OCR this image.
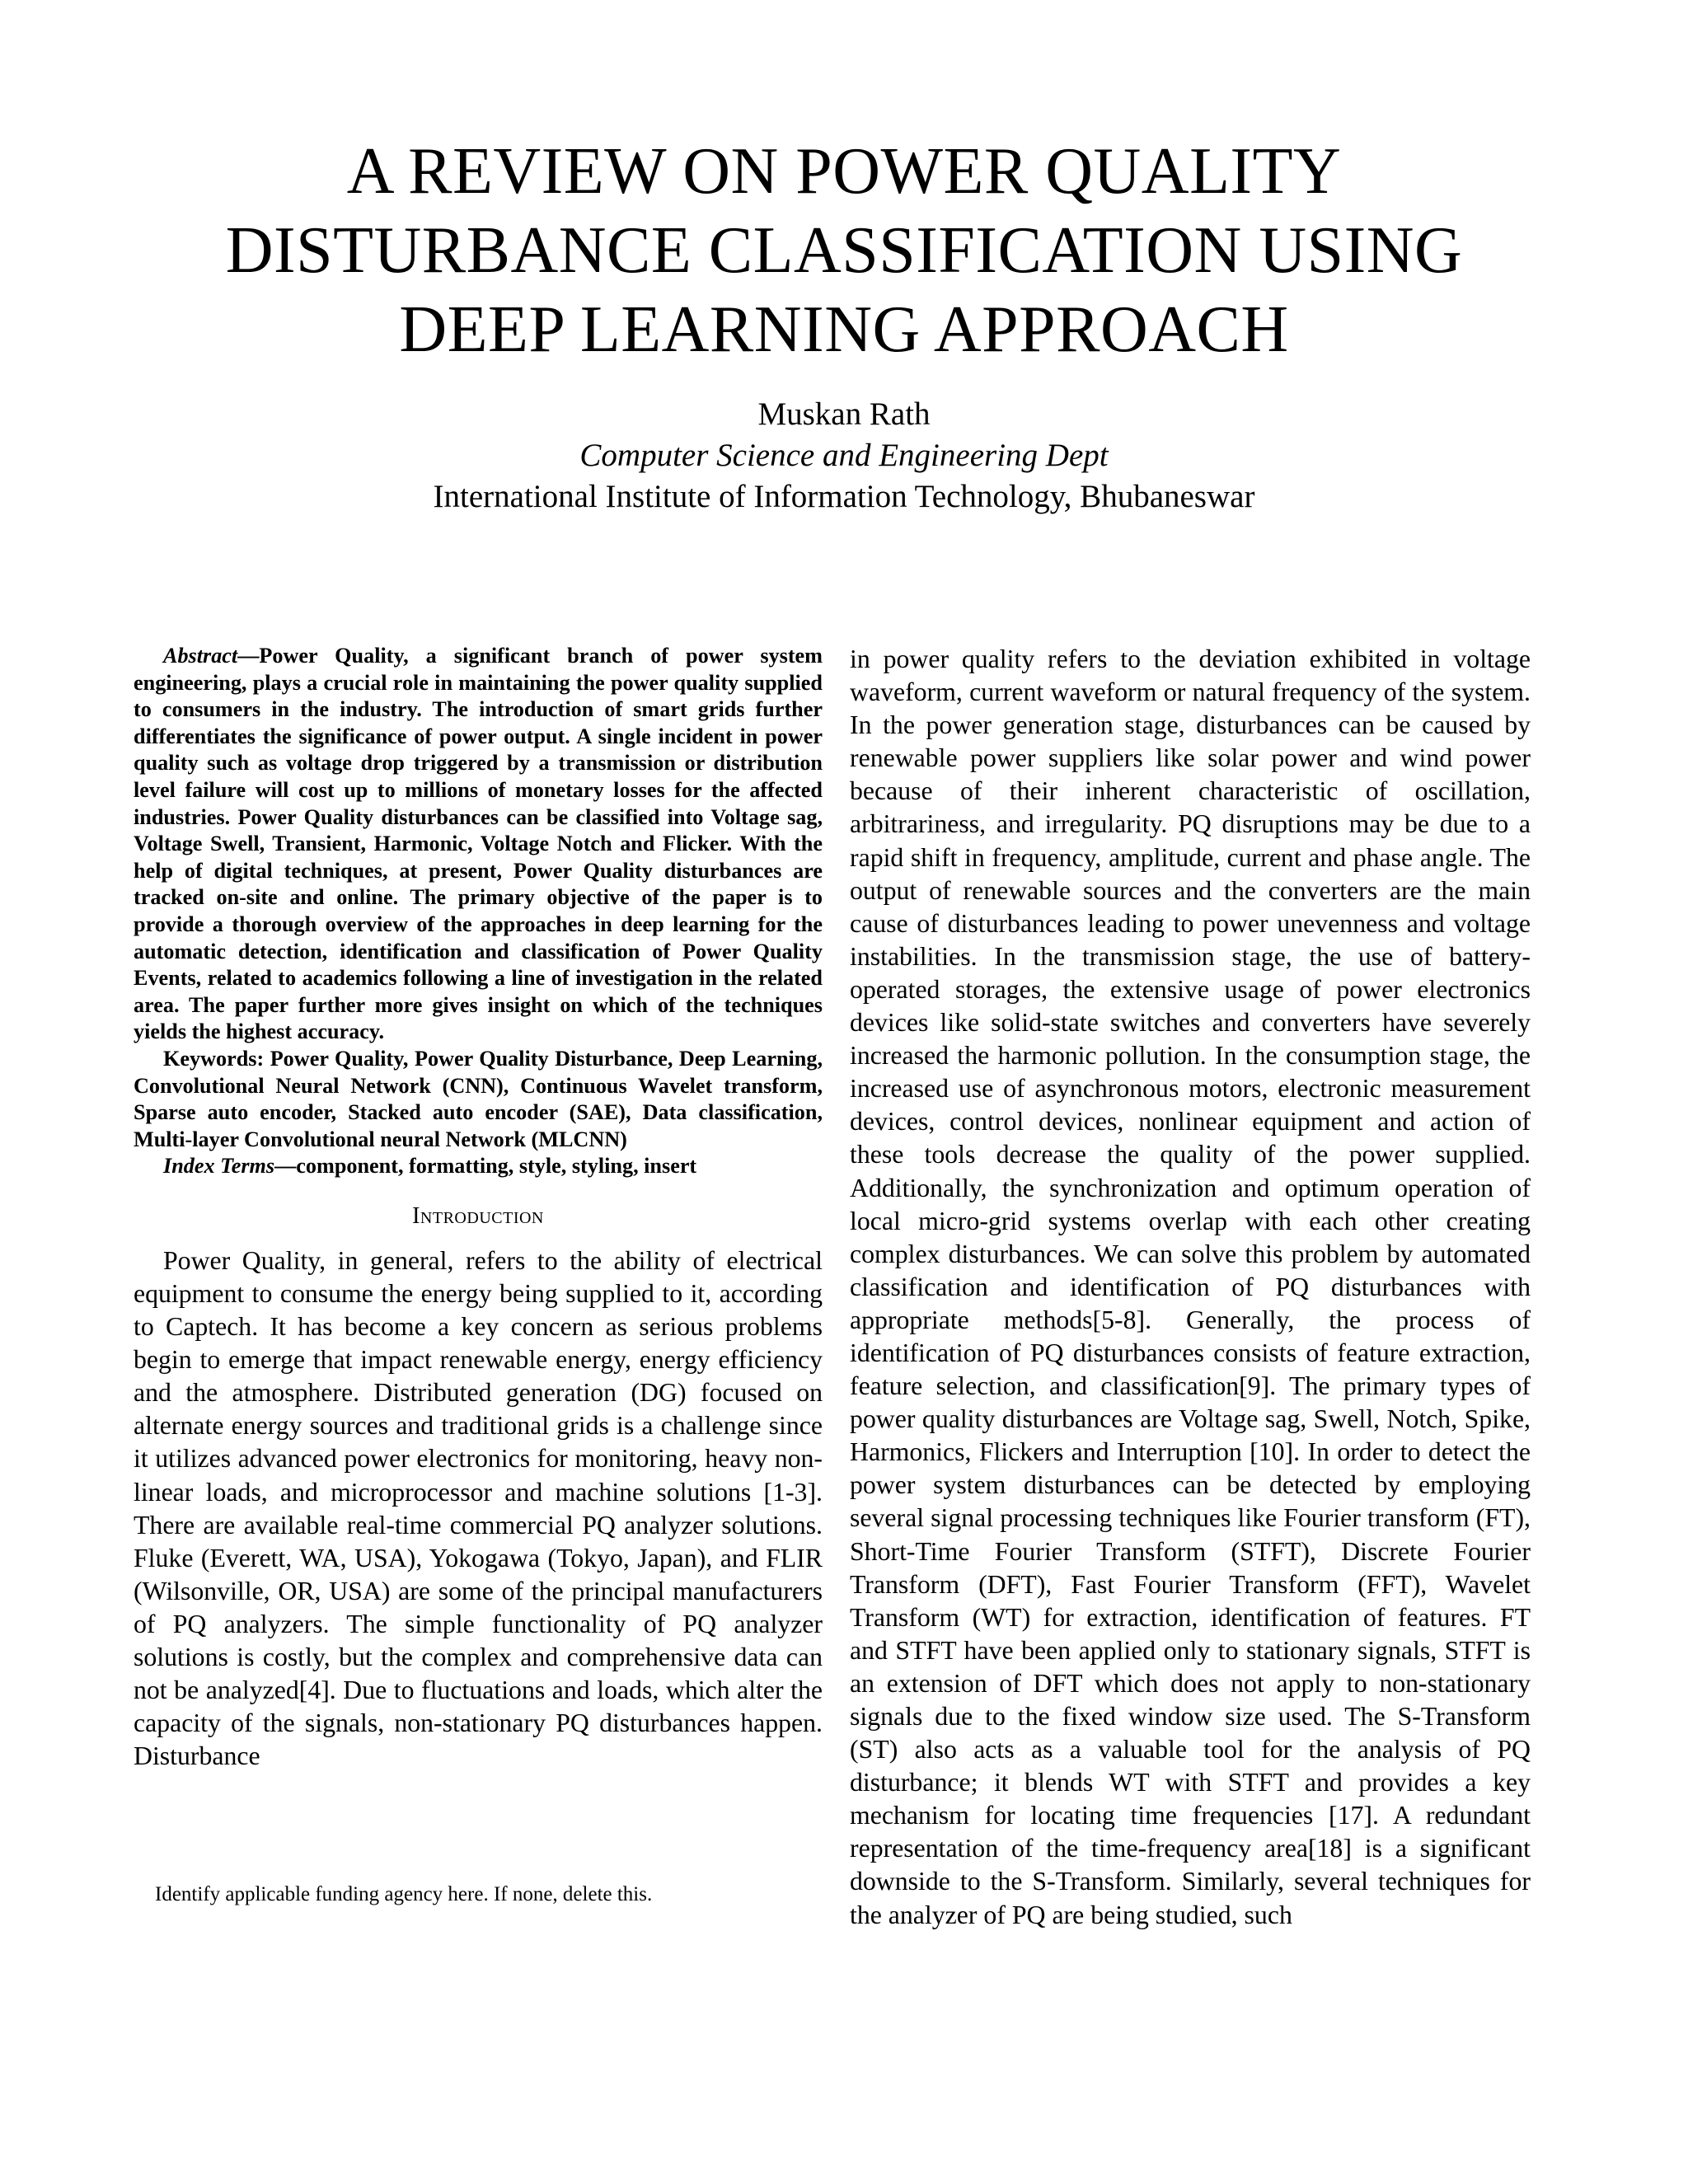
A REVIEW ON POWER QUALITY
DISTURBANCE CLASSIFICATION USING
DEEP LEARNING APPROACH
Muskan Rath
Computer Science and Engineering Dept
International Institute of Information Technology, Bhubaneswar

Abstract—Power Quality, a significant branch of power system engineering, plays a crucial role in maintaining the power quality supplied to consumers in the industry. The introduction of smart grids further differentiates the significance of power output. A single incident in power quality such as voltage drop triggered by a transmission or distribution level failure will cost up to millions of monetary losses for the affected industries. Power Quality disturbances can be classified into Voltage sag, Voltage Swell, Transient, Harmonic, Voltage Notch and Flicker. With the help of digital techniques, at present, Power Quality disturbances are tracked on-site and online. The primary objective of the paper is to provide a thorough overview of the approaches in deep learning for the automatic detection, identification and classification of Power Quality Events, related to academics following a line of investigation in the related area. The paper further more gives insight on which of the techniques yields the highest accuracy.

Keywords: Power Quality, Power Quality Disturbance, Deep Learning, Convolutional Neural Network (CNN), Continuous Wavelet transform, Sparse auto encoder, Stacked auto encoder (SAE), Data classification, Multi-layer Convolutional neural Network (MLCNN)

Index Terms—component, formatting, style, styling, insert

Introduction

Power Quality, in general, refers to the ability of electrical equipment to consume the energy being supplied to it, according to Captech. It has become a key concern as serious problems begin to emerge that impact renewable energy, energy efficiency and the atmosphere. Distributed generation (DG) focused on alternate energy sources and traditional grids is a challenge since it utilizes advanced power electronics for monitoring, heavy non-linear loads, and microprocessor and machine solutions [1-3]. There are available real-time commercial PQ analyzer solutions. Fluke (Everett, WA, USA), Yokogawa (Tokyo, Japan), and FLIR (Wilsonville, OR, USA) are some of the principal manufacturers of PQ analyzers. The simple functionality of PQ analyzer solutions is costly, but the complex and comprehensive data can not be analyzed[4]. Due to fluctuations and loads, which alter the capacity of the signals, non-stationary PQ disturbances happen. Disturbance

in power quality refers to the deviation exhibited in voltage waveform, current waveform or natural frequency of the system. In the power generation stage, disturbances can be caused by renewable power suppliers like solar power and wind power because of their inherent characteristic of oscillation, arbitrariness, and irregularity. PQ disruptions may be due to a rapid shift in frequency, amplitude, current and phase angle. The output of renewable sources and the converters are the main cause of disturbances leading to power unevenness and voltage instabilities. In the transmission stage, the use of battery-operated storages, the extensive usage of power electronics devices like solid-state switches and converters have severely increased the harmonic pollution. In the consumption stage, the increased use of asynchronous motors, electronic measurement devices, control devices, nonlinear equipment and action of these tools decrease the quality of the power supplied. Additionally, the synchronization and optimum operation of local micro-grid systems overlap with each other creating complex disturbances. We can solve this problem by automated classification and identification of PQ disturbances with appropriate methods[5-8]. Generally, the process of identification of PQ disturbances consists of feature extraction, feature selection, and classification[9]. The primary types of power quality disturbances are Voltage sag, Swell, Notch, Spike, Harmonics, Flickers and Interruption [10]. In order to detect the power system disturbances can be detected by employing several signal processing techniques like Fourier transform (FT), Short-Time Fourier Transform (STFT), Discrete Fourier Transform (DFT), Fast Fourier Transform (FFT), Wavelet Transform (WT) for extraction, identification of features. FT and STFT have been applied only to stationary signals, STFT is an extension of DFT which does not apply to non-stationary signals due to the fixed window size used. The S-Transform (ST) also acts as a valuable tool for the analysis of PQ disturbance; it blends WT with STFT and provides a key mechanism for locating time frequencies [17]. A redundant representation of the time-frequency area[18] is a significant downside to the S-Transform. Similarly, several techniques for the analyzer of PQ are being studied, such

Identify applicable funding agency here. If none, delete this.
